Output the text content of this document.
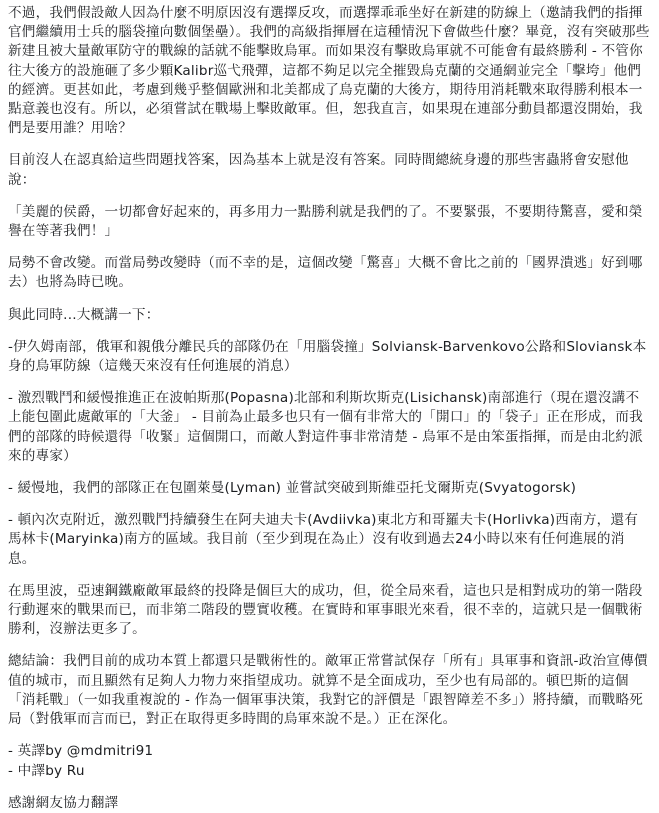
不過，我們假設敵人因為什麼不明原因沒有選擇反攻，而選擇乖乖坐好在新建的防線上（邀請我們的指揮官們繼續用士兵的腦袋撞向數個堡壘）。我們的高級指揮層在這種情況下會做些什麼？畢竟，沒有突破那些新建且被大量敵軍防守的戰線的話就不能擊敗烏軍。而如果沒有擊敗烏軍就不可能會有最終勝利 - 不管你往大後方的設施砸了多少顆Kalibr巡弋飛彈，這都不夠足以完全摧毀烏克蘭的交通網並完全「擊垮」他們的經濟。更甚如此，考慮到幾乎整個歐洲和北美都成了烏克蘭的大後方，期待用消耗戰來取得勝利根本一點意義也沒有。所以，必須嘗試在戰場上擊敗敵軍。但，恕我直言，如果現在連部分動員都還沒開始，我們是要用誰？用啥？

目前沒人在認真給這些問題找答案，因為基本上就是沒有答案。同時間總統身邊的那些害蟲將會安慰他說：

「美麗的侯爵，一切都會好起來的，再多用力一點勝利就是我們的了。不要緊張，不要期待驚喜，愛和榮譽在等著我們！」

局勢不會改變。而當局勢改變時（而不幸的是，這個改變「驚喜」大概不會比之前的「國界潰逃」好到哪去）也將為時已晚。

與此同時...大概講一下：

-伊久姆南部，俄軍和親俄分離民兵的部隊仍在「用腦袋撞」Solviansk-Barvenkovo公路和Sloviansk本身的烏軍防線（這幾天來沒有任何進展的消息）

- 激烈戰鬥和緩慢推進正在波帕斯那(Popasna)北部和利斯坎斯克(Lisichansk)南部進行（現在還沒講不上能包圍此處敵軍的「大釜」 - 目前為止最多也只有一個有非常大的「開口」的「袋子」正在形成，而我們的部隊的時候還得「收緊」這個開口，而敵人對這件事非常清楚 - 烏軍不是由笨蛋指揮，而是由北約派來的專家）

- 緩慢地，我們的部隊正在包圍萊曼(Lyman) 並嘗試突破到斯維亞托戈爾斯克(Svyatogorsk)

- 頓內次克附近，激烈戰鬥持續發生在阿夫迪夫卡(Avdiivka)東北方和哥羅夫卡(Horlivka)西南方，還有馬林卡(Maryinka)南方的區域。我目前（至少到現在為止）沒有收到過去24小時以來有任何進展的消息。

在馬里波，亞速鋼鐵廠敵軍最終的投降是個巨大的成功，但，從全局來看，這也只是相對成功的第一階段行動遲來的戰果而已，而非第二階段的豐實收穫。在實時和軍事眼光來看，很不幸的，這就只是一個戰術勝利，沒辦法更多了。

總結論：我們目前的成功本質上都還只是戰術性的。敵軍正常嘗試保存「所有」具軍事和資訊-政治宣傳價值的城市，而且顯然有足夠人力物力來指望成功。就算不是全面成功，至少也有局部的。頓巴斯的這個「消耗戰」（一如我重複說的 - 作為一個軍事決策，我對它的評價是「跟智障差不多」）將持續，而戰略死局（對俄軍而言而已，對正在取得更多時間的烏軍來說不是。）正在深化。

- 英譯by @mdmitri91
- 中譯by Ru

感謝網友協力翻譯
